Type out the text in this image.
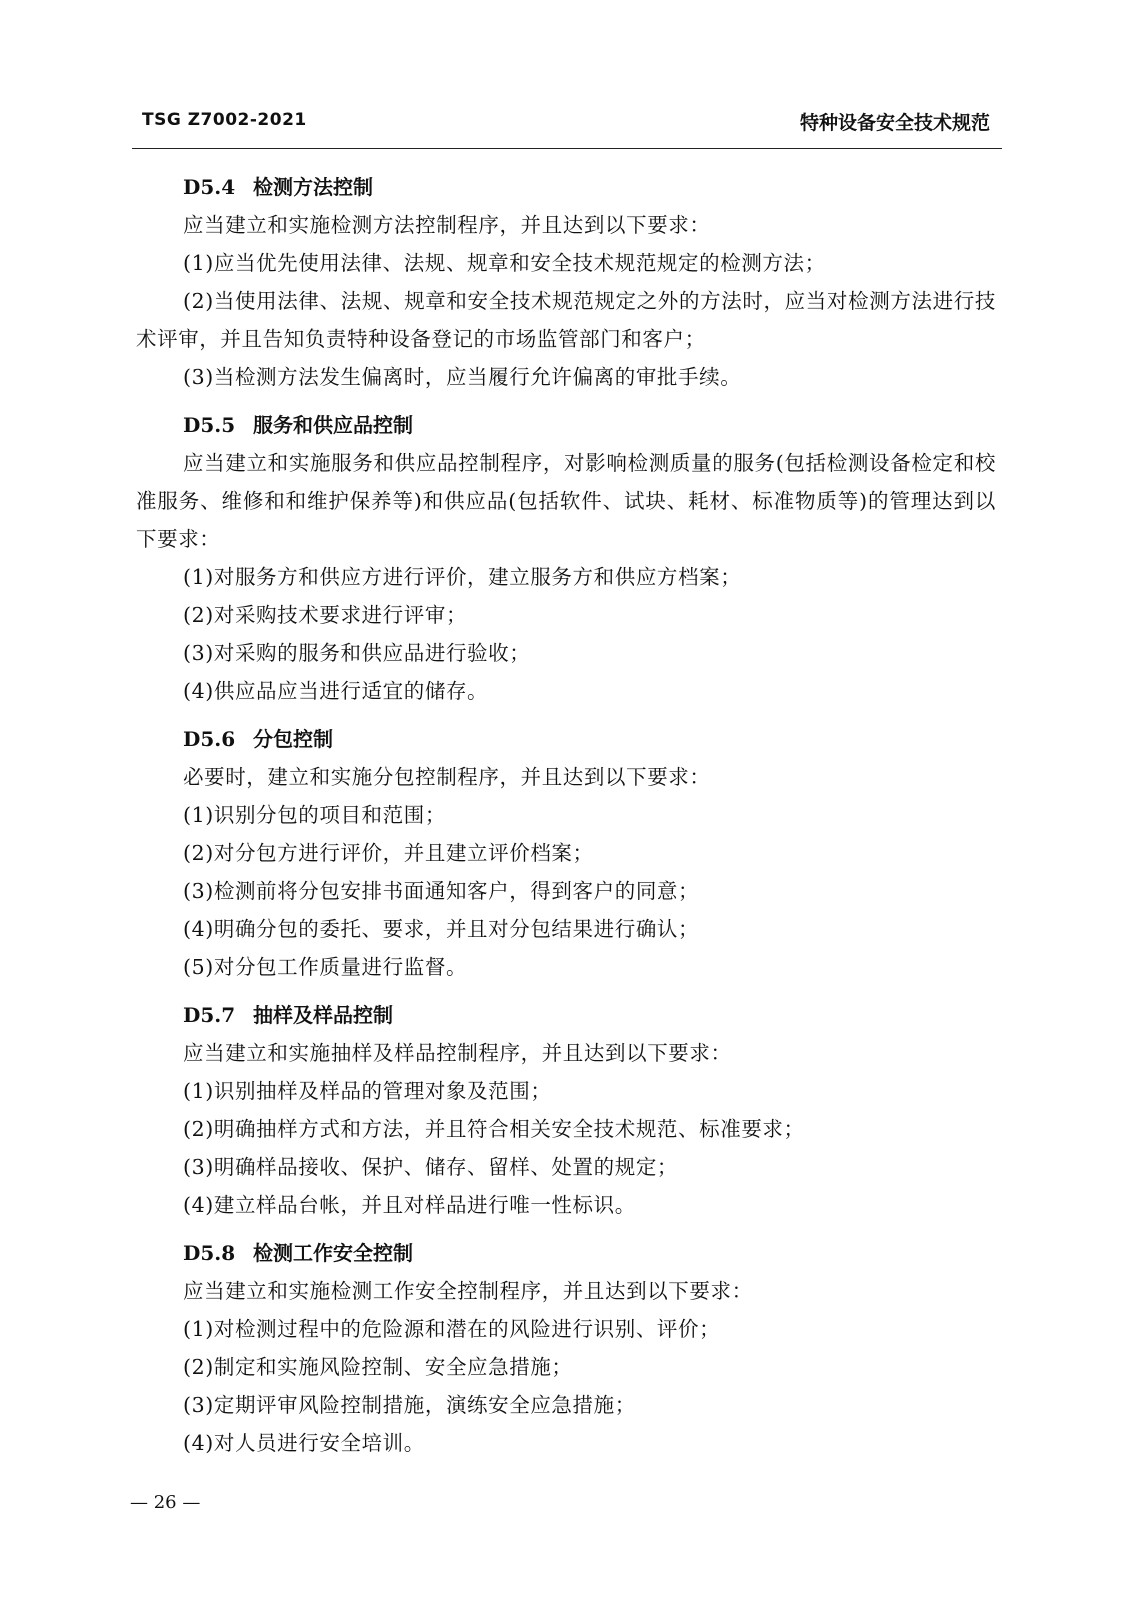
TSG Z7002-2021	特种设备安全技术规范
D5.4 检测方法控制

应当建立和实施检测方法控制程序，并且达到以下要求：

(1)应当优先使用法律、法规、规章和安全技术规范规定的检测方法；

(2)当使用法律、法规、规章和安全技术规范规定之外的方法时，应当对检测方法进行技术评审，并且告知负责特种设备登记的市场监管部门和客户；

(3)当检测方法发生偏离时，应当履行允许偏离的审批手续。

D5.5 服务和供应品控制

应当建立和实施服务和供应品控制程序，对影响检测质量的服务(包括检测设备检定和校准服务、维修和和维护保养等)和供应品(包括软件、试块、耗材、标准物质等)的管理达到以下要求：

(1)对服务方和供应方进行评价，建立服务方和供应方档案；

(2)对采购技术要求进行评审；

(3)对采购的服务和供应品进行验收；

(4)供应品应当进行适宜的储存。

D5.6 分包控制

必要时，建立和实施分包控制程序，并且达到以下要求：

(1)识别分包的项目和范围；

(2)对分包方进行评价，并且建立评价档案；

(3)检测前将分包安排书面通知客户，得到客户的同意；

(4)明确分包的委托、要求，并且对分包结果进行确认；

(5)对分包工作质量进行监督。

D5.7 抽样及样品控制

应当建立和实施抽样及样品控制程序，并且达到以下要求：

(1)识别抽样及样品的管理对象及范围；

(2)明确抽样方式和方法，并且符合相关安全技术规范、标准要求；

(3)明确样品接收、保护、储存、留样、处置的规定；

(4)建立样品台帐，并且对样品进行唯一性标识。

D5.8 检测工作安全控制

应当建立和实施检测工作安全控制程序，并且达到以下要求：

(1)对检测过程中的危险源和潜在的风险进行识别、评价；

(2)制定和实施风险控制、安全应急措施；

(3)定期评审风险控制措施，演练安全应急措施；

(4)对人员进行安全培训。

— 26 —
